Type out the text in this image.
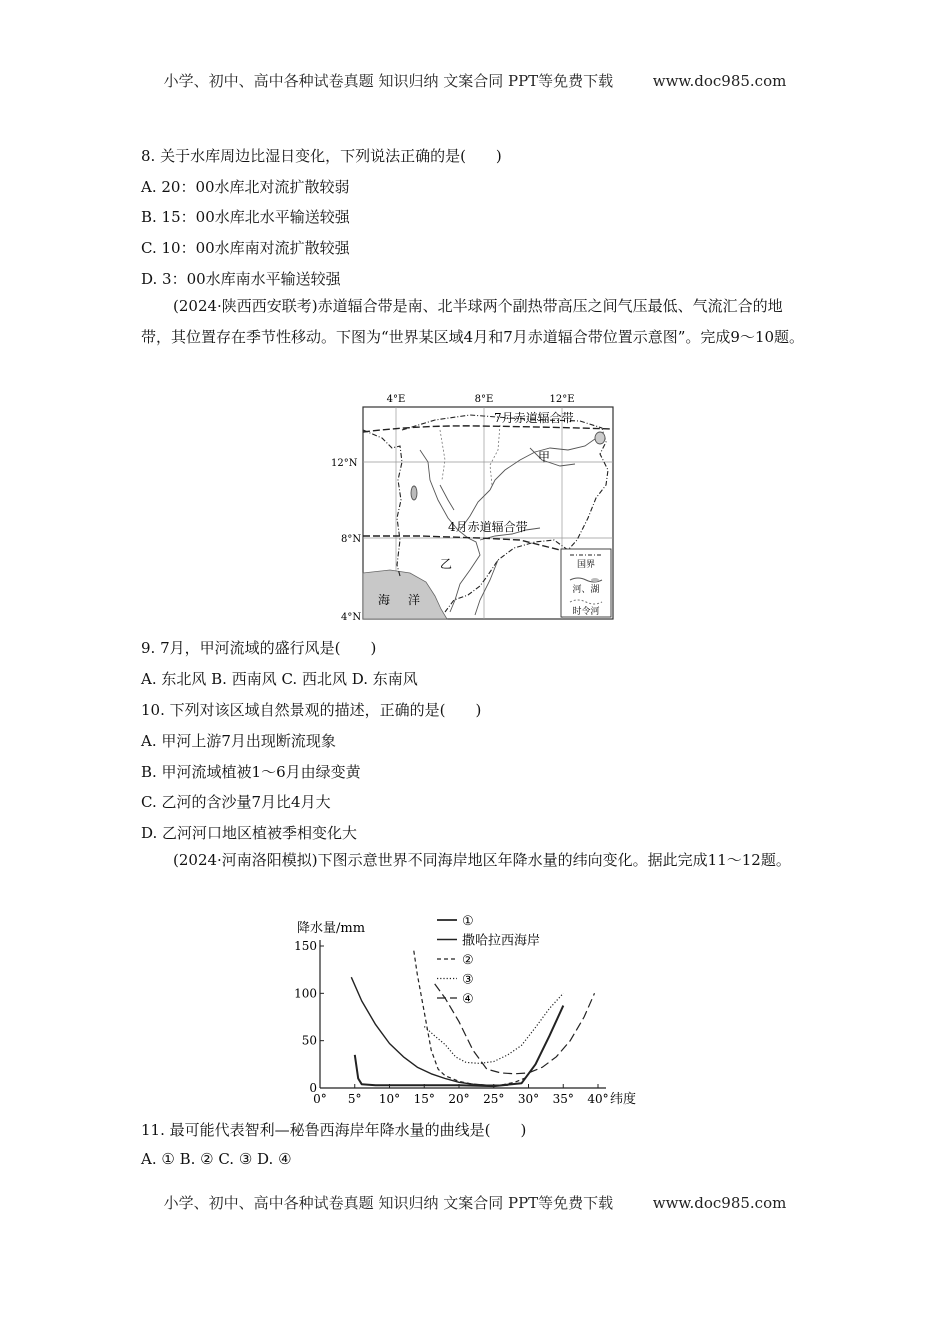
小学、初中、高中各种试卷真题 知识归纳 文案合同 PPT等免费下载	www.doc985.com
8. 关于水库周边比湿日变化，下列说法正确的是(　　)
A. 20：00水库北对流扩散较弱
B. 15：00水库北水平输送较强
C. 10：00水库南对流扩散较强
D. 3：00水库南水平输送较强
(2024·陕西西安联考)赤道辐合带是南、北半球两个副热带高压之间气压最低、气流汇合的地带，其位置存在季节性移动。下图为“世界某区域4月和7月赤道辐合带位置示意图”。完成9～10题。
4°E	8°E	12°E
12°N
8°N
4°N
海 洋
7月赤道辐合带
4月赤道辐合带
甲
乙	国界
河、湖
时令河
9. 7月，甲河流域的盛行风是(　　)
A. 东北风 B. 西南风 C. 西北风 D. 东南风
10. 下列对该区域自然景观的描述，正确的是(　　)
A. 甲河上游7月出现断流现象
B. 甲河流域植被1～6月由绿变黄
C. 乙河的含沙量7月比4月大
D. 乙河河口地区植被季相变化大
(2024·河南洛阳模拟)下图示意世界不同海岸地区年降水量的纬向变化。据此完成11～12题。
降水量/mm
纬度
0° 5° 10° 15° 20° 25° 30° 35° 40°
0
50
100
150
①
撒哈拉西海岸
②
③
④
11. 最可能代表智利—秘鲁西海岸年降水量的曲线是(　　)
A. ① B. ② C. ③ D. ④
小学、初中、高中各种试卷真题 知识归纳 文案合同 PPT等免费下载	www.doc985.com
